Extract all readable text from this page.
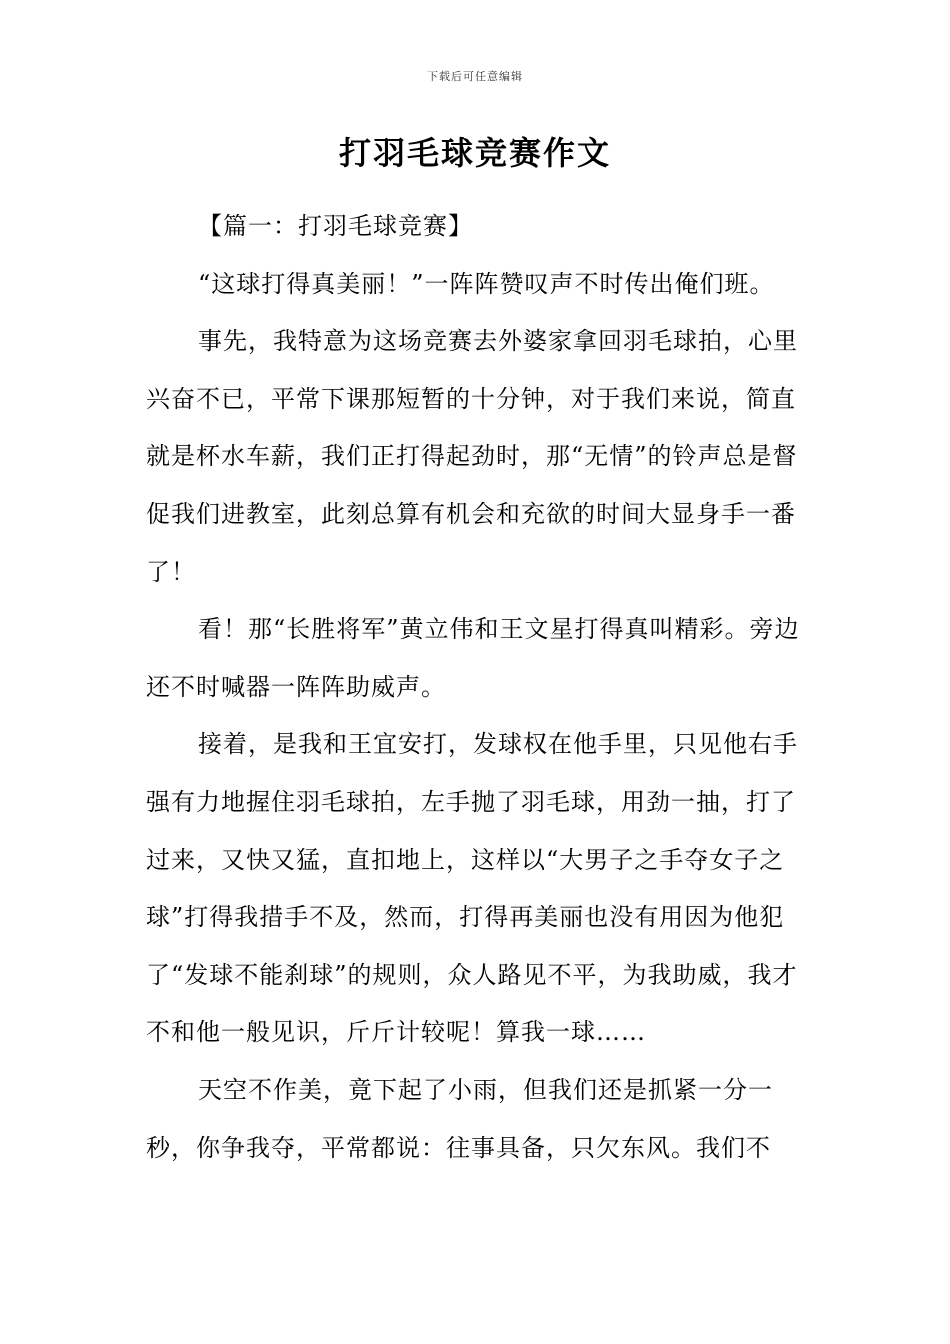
下载后可任意编辑
打羽毛球竞赛作文

【篇一：打羽毛球竞赛】

“这球打得真美丽！”一阵阵赞叹声不时传出俺们班。

事先，我特意为这场竞赛去外婆家拿回羽毛球拍，心里兴奋不已，平常下课那短暂的十分钟，对于我们来说，简直就是杯水车薪，我们正打得起劲时，那“无情”的铃声总是督促我们进教室，此刻总算有机会和充欲的时间大显身手一番了！

看！那“长胜将军”黄立伟和王文星打得真叫精彩。旁边还不时喊器一阵阵助威声。

接着，是我和王宜安打，发球权在他手里，只见他右手强有力地握住羽毛球拍，左手抛了羽毛球，用劲一抽，打了过来，又快又猛，直扣地上，这样以“大男子之手夺女子之球”打得我措手不及，然而，打得再美丽也没有用因为他犯了“发球不能刹球”的规则，众人路见不平，为我助威，我才不和他一般见识，斤斤计较呢！算我一球……

天空不作美，竟下起了小雨，但我们还是抓紧一分一秒，你争我夺，平常都说：往事具备，只欠东风。我们不
